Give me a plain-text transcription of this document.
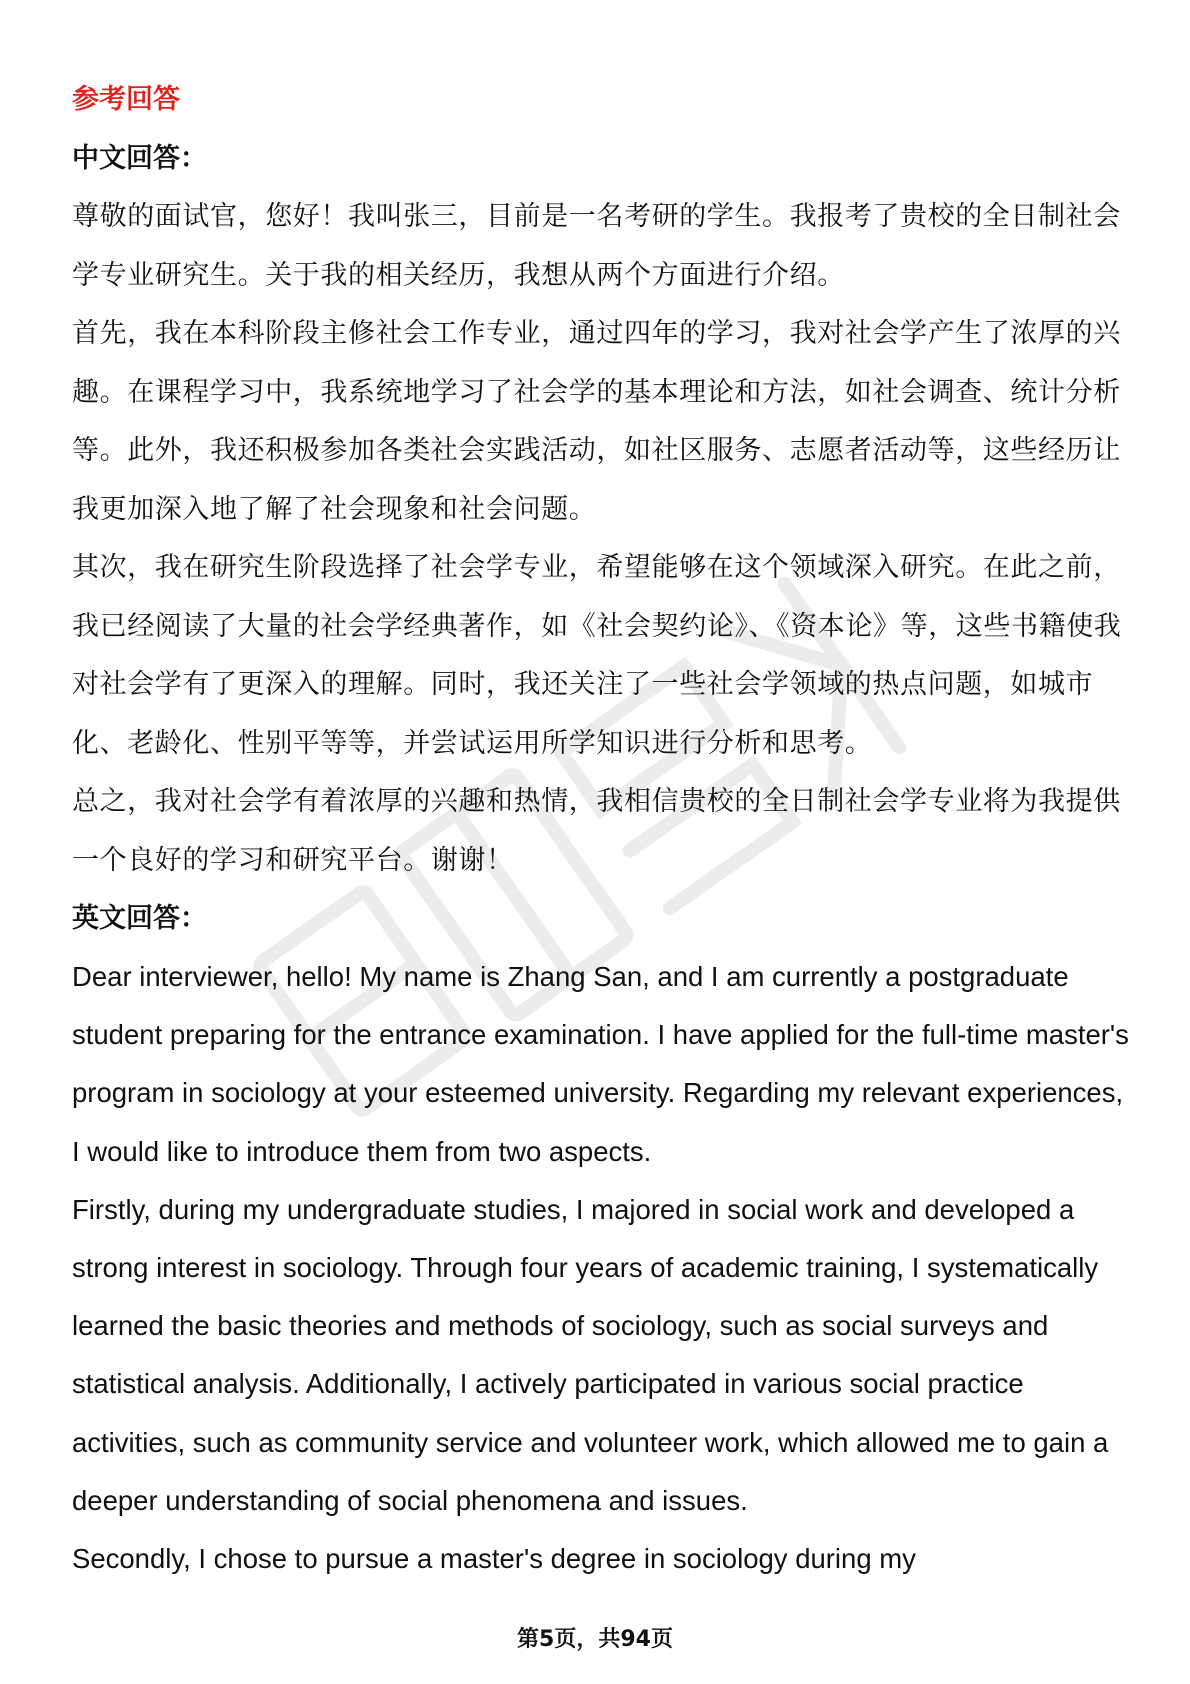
参考回答

中文回答：

尊敬的面试官，您好！我叫张三，目前是一名考研的学生。我报考了贵校的全日制社会学专业研究生。关于我的相关经历，我想从两个方面进行介绍。

首先，我在本科阶段主修社会工作专业，通过四年的学习，我对社会学产生了浓厚的兴趣。在课程学习中，我系统地学习了社会学的基本理论和方法，如社会调查、统计分析等。此外，我还积极参加各类社会实践活动，如社区服务、志愿者活动等，这些经历让我更加深入地了解了社会现象和社会问题。

其次，我在研究生阶段选择了社会学专业，希望能够在这个领域深入研究。在此之前，我已经阅读了大量的社会学经典著作，如《社会契约论》、《资本论》等，这些书籍使我对社会学有了更深入的理解。同时，我还关注了一些社会学领域的热点问题，如城市化、老龄化、性别平等等，并尝试运用所学知识进行分析和思考。

总之，我对社会学有着浓厚的兴趣和热情，我相信贵校的全日制社会学专业将为我提供一个良好的学习和研究平台。谢谢！

英文回答：

Dear interviewer, hello! My name is Zhang San, and I am currently a postgraduate student preparing for the entrance examination. I have applied for the full-time master's program in sociology at your esteemed university. Regarding my relevant experiences, I would like to introduce them from two aspects.

Firstly, during my undergraduate studies, I majored in social work and developed a strong interest in sociology. Through four years of academic training, I systematically learned the basic theories and methods of sociology, such as social surveys and statistical analysis. Additionally, I actively participated in various social practice activities, such as community service and volunteer work, which allowed me to gain a deeper understanding of social phenomena and issues.

Secondly, I chose to pursue a master's degree in sociology during my

第5页，共94页
